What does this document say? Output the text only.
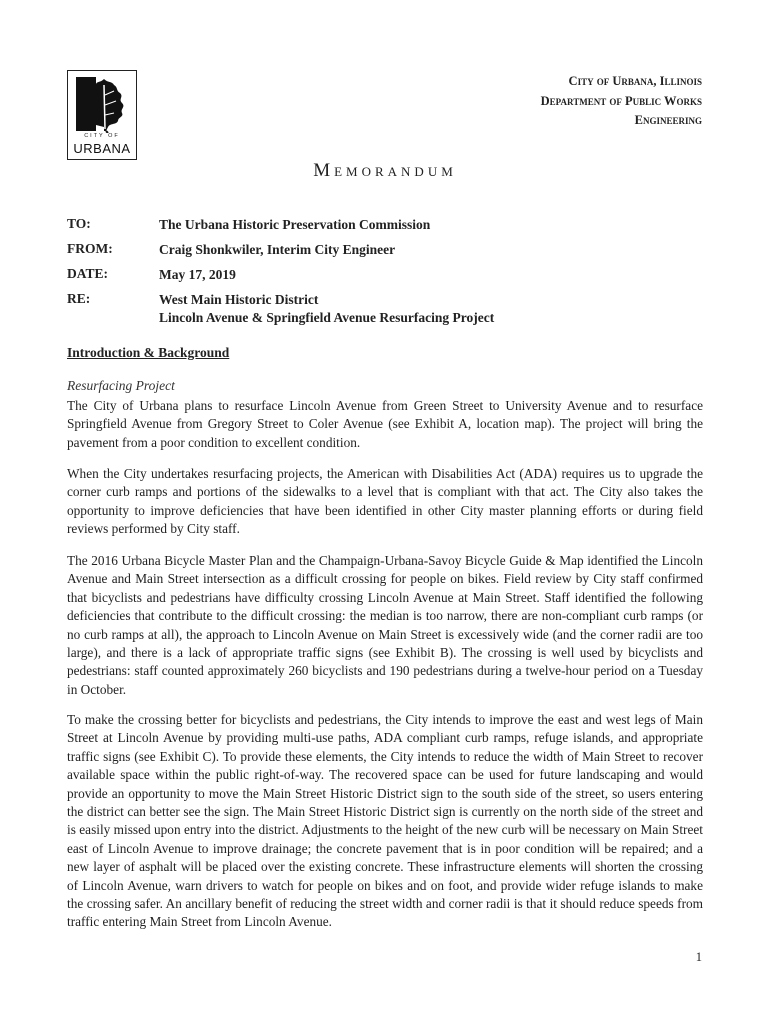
CITY OF
URBANA
City of Urbana, Illinois
Department of Public Works
Engineering
Memorandum
TO:	The Urbana Historic Preservation Commission
FROM:	Craig Shonkwiler, Interim City Engineer
DATE:	May 17, 2019
RE:	West Main Historic District
Lincoln Avenue & Springfield Avenue Resurfacing Project
Introduction & Background
Resurfacing Project

The City of Urbana plans to resurface Lincoln Avenue from Green Street to University Avenue and to resurface Springfield Avenue from Gregory Street to Coler Avenue (see Exhibit A, location map). The project will bring the pavement from a poor condition to excellent condition.

When the City undertakes resurfacing projects, the American with Disabilities Act (ADA) requires us to upgrade the corner curb ramps and portions of the sidewalks to a level that is compliant with that act. The City also takes the opportunity to improve deficiencies that have been identified in other City master planning efforts or during field reviews performed by City staff.

The 2016 Urbana Bicycle Master Plan and the Champaign-Urbana-Savoy Bicycle Guide & Map identified the Lincoln Avenue and Main Street intersection as a difficult crossing for people on bikes. Field review by City staff confirmed that bicyclists and pedestrians have difficulty crossing Lincoln Avenue at Main Street. Staff identified the following deficiencies that contribute to the difficult crossing: the median is too narrow, there are non-compliant curb ramps (or no curb ramps at all), the approach to Lincoln Avenue on Main Street is excessively wide (and the corner radii are too large), and there is a lack of appropriate traffic signs (see Exhibit B). The crossing is well used by bicyclists and pedestrians: staff counted approximately 260 bicyclists and 190 pedestrians during a twelve-hour period on a Tuesday in October.

To make the crossing better for bicyclists and pedestrians, the City intends to improve the east and west legs of Main Street at Lincoln Avenue by providing multi-use paths, ADA compliant curb ramps, refuge islands, and appropriate traffic signs (see Exhibit C). To provide these elements, the City intends to reduce the width of Main Street to recover available space within the public right-of-way. The recovered space can be used for future landscaping and would provide an opportunity to move the Main Street Historic District sign to the south side of the street, so users entering the district can better see the sign. The Main Street Historic District sign is currently on the north side of the street and is easily missed upon entry into the district. Adjustments to the height of the new curb will be necessary on Main Street east of Lincoln Avenue to improve drainage; the concrete pavement that is in poor condition will be repaired; and a new layer of asphalt will be placed over the existing concrete. These infrastructure elements will shorten the crossing of Lincoln Avenue, warn drivers to watch for people on bikes and on foot, and provide wider refuge islands to make the crossing safer. An ancillary benefit of reducing the street width and corner radii is that it should reduce speeds from traffic entering Main Street from Lincoln Avenue.

1
